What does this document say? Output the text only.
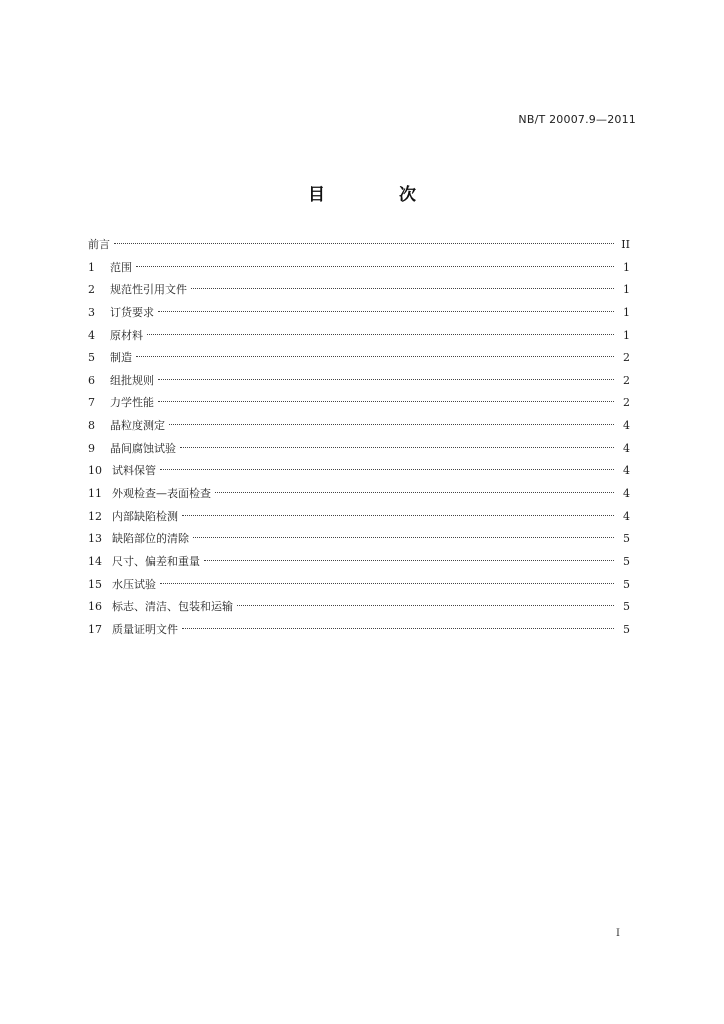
NB/T 20007.9—2011
目 次
前言	II
1	范围	1
2	规范性引用文件	1
3	订货要求	1
4	原材料	1
5	制造	2
6	组批规则	2
7	力学性能	2
8	晶粒度测定	4
9	晶间腐蚀试验	4
10 试料保管	4
11 外观检查—表面检查	4
12 内部缺陷检测	4
13 缺陷部位的清除	5
14 尺寸、偏差和重量	5
15 水压试验	5
16 标志、清洁、包装和运输	5
17 质量证明文件	5
I
